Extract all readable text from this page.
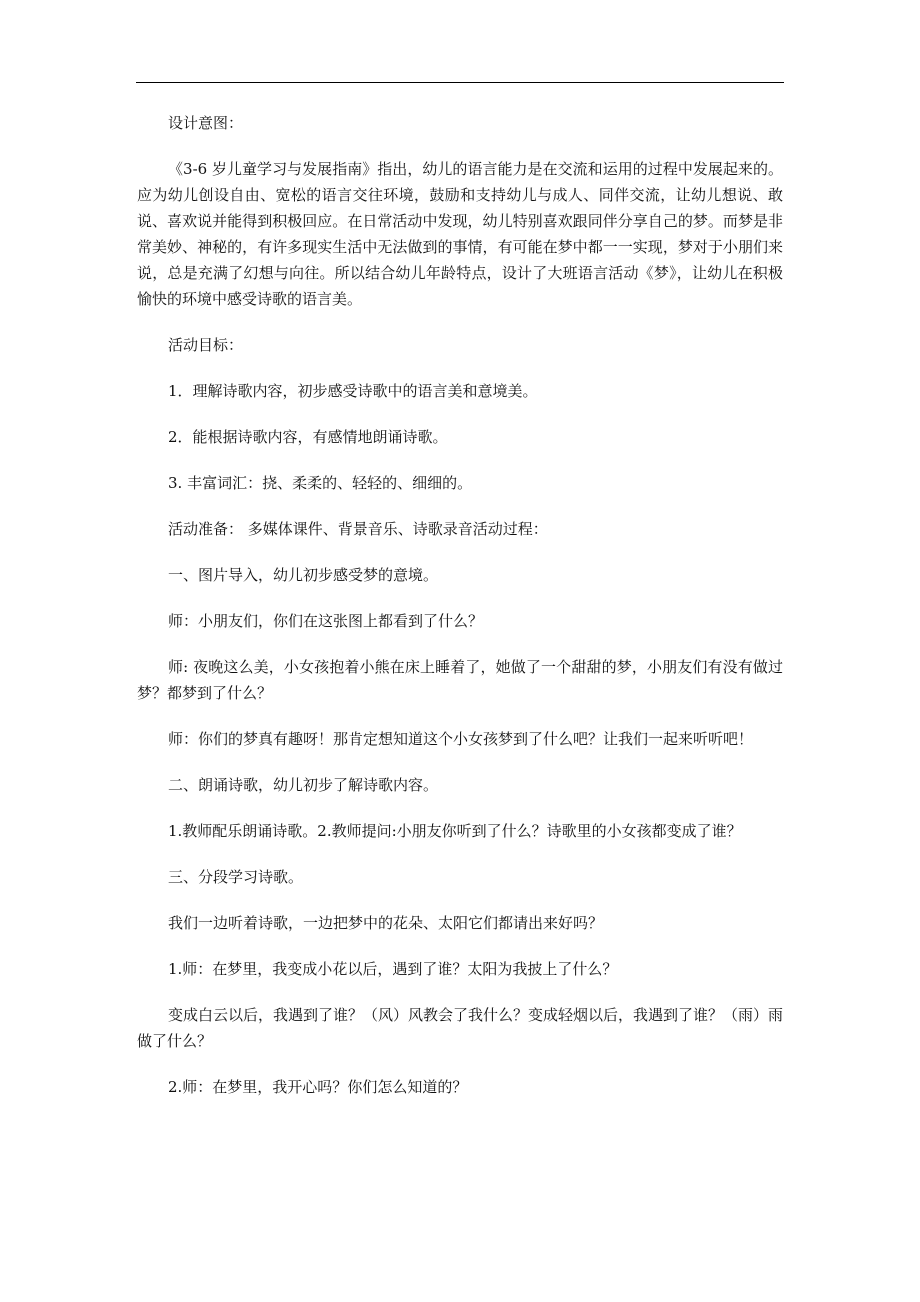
设计意图：

《3-6 岁儿童学习与发展指南》指出，幼儿的语言能力是在交流和运用的过程中发展起来的。应为幼儿创设自由、宽松的语言交往环境，鼓励和支持幼儿与成人、同伴交流，让幼儿想说、敢说、喜欢说并能得到积极回应。在日常活动中发现，幼儿特别喜欢跟同伴分享自己的梦。而梦是非常美妙、神秘的，有许多现实生活中无法做到的事情，有可能在梦中都一一实现，梦对于小朋们来说，总是充满了幻想与向往。所以结合幼儿年龄特点，设计了大班语言活动《梦》，让幼儿在积极愉快的环境中感受诗歌的语言美。

活动目标：

1．理解诗歌内容，初步感受诗歌中的语言美和意境美。

2．能根据诗歌内容，有感情地朗诵诗歌。

3. 丰富词汇：挠、柔柔的、轻轻的、细细的。

活动准备： 多媒体课件、背景音乐、诗歌录音活动过程：

一、图片导入，幼儿初步感受梦的意境。

师：小朋友们，你们在这张图上都看到了什么？

师: 夜晚这么美，小女孩抱着小熊在床上睡着了，她做了一个甜甜的梦，小朋友们有没有做过梦？都梦到了什么？

师：你们的梦真有趣呀！那肯定想知道这个小女孩梦到了什么吧？让我们一起来听听吧！

二、朗诵诗歌，幼儿初步了解诗歌内容。

1.教师配乐朗诵诗歌。2.教师提问:小朋友你听到了什么？诗歌里的小女孩都变成了谁？

三、分段学习诗歌。

我们一边听着诗歌，一边把梦中的花朵、太阳它们都请出来好吗？

1.师：在梦里，我变成小花以后，遇到了谁？太阳为我披上了什么？

变成白云以后，我遇到了谁？（风）风教会了我什么？变成轻烟以后，我遇到了谁？（雨）雨做了什么？

2.师：在梦里，我开心吗？你们怎么知道的？
